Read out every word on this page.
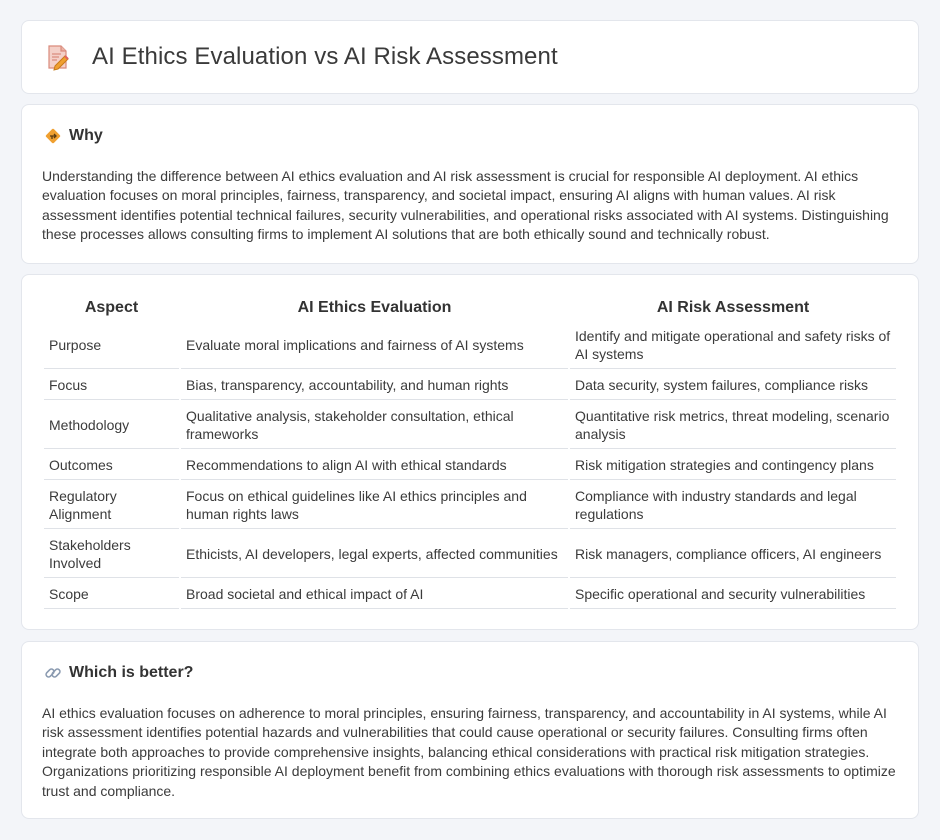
AI Ethics Evaluation vs AI Risk Assessment
Why

Understanding the difference between AI ethics evaluation and AI risk assessment is crucial for responsible AI deployment. AI ethics evaluation focuses on moral principles, fairness, transparency, and societal impact, ensuring AI aligns with human values. AI risk assessment identifies potential technical failures, security vulnerabilities, and operational risks associated with AI systems. Distinguishing these processes allows consulting firms to implement AI solutions that are both ethically sound and technically robust.

Aspect	AI Ethics Evaluation	AI Risk Assessment
Purpose	Evaluate moral implications and fairness of AI systems	Identify and mitigate operational and safety risks of AI systems
Focus	Bias, transparency, accountability, and human rights	Data security, system failures, compliance risks
Methodology	Qualitative analysis, stakeholder consultation, ethical frameworks	Quantitative risk metrics, threat modeling, scenario analysis
Outcomes	Recommendations to align AI with ethical standards	Risk mitigation strategies and contingency plans
Regulatory Alignment	Focus on ethical guidelines like AI ethics principles and human rights laws	Compliance with industry standards and legal regulations
Stakeholders Involved	Ethicists, AI developers, legal experts, affected communities	Risk managers, compliance officers, AI engineers
Scope	Broad societal and ethical impact of AI	Specific operational and security vulnerabilities
Which is better?

AI ethics evaluation focuses on adherence to moral principles, ensuring fairness, transparency, and accountability in AI systems, while AI risk assessment identifies potential hazards and vulnerabilities that could cause operational or security failures. Consulting firms often integrate both approaches to provide comprehensive insights, balancing ethical considerations with practical risk mitigation strategies. Organizations prioritizing responsible AI deployment benefit from combining ethics evaluations with thorough risk assessments to optimize trust and compliance.
